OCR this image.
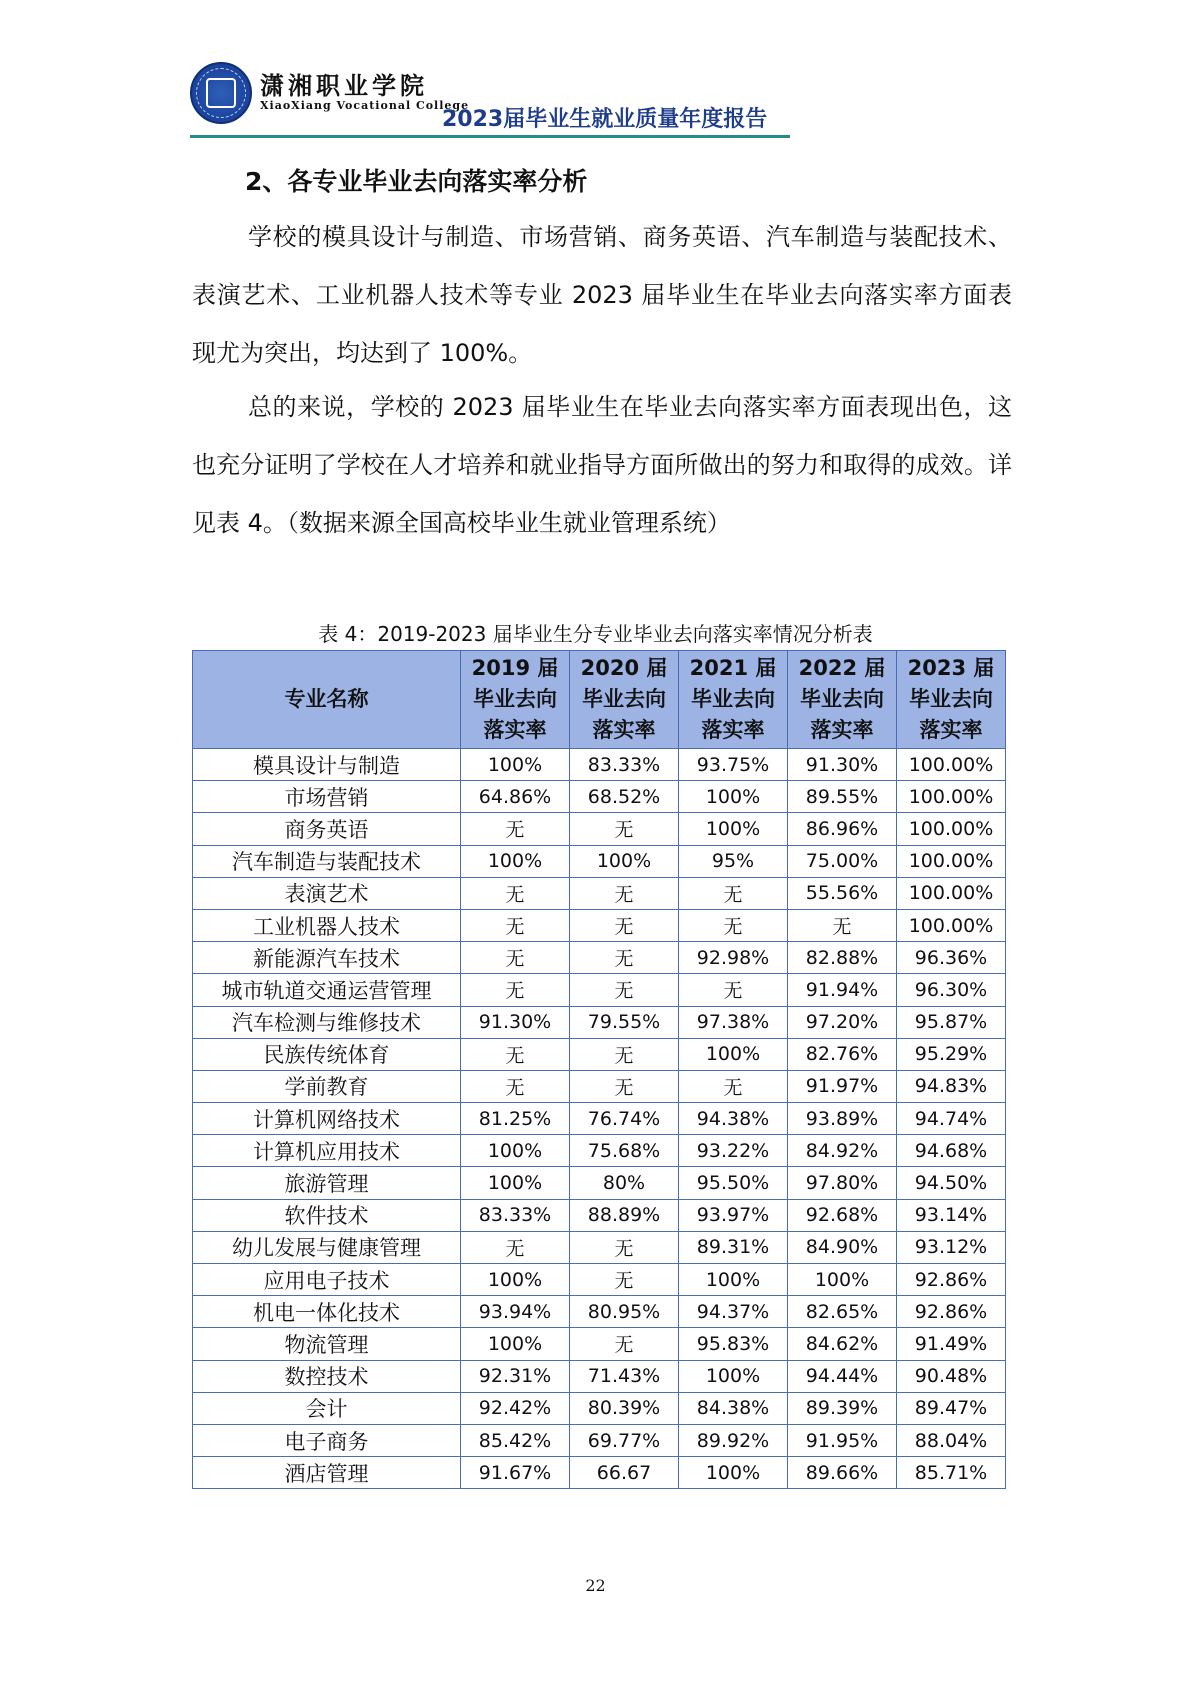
潇湘职业学院
XiaoXiang Vocational College
2023届毕业生就业质量年度报告
2、各专业毕业去向落实率分析

学校的模具设计与制造、市场营销、商务英语、汽车制造与装配技术、表演艺术、工业机器人技术等专业 2023 届毕业生在毕业去向落实率方面表现尤为突出，均达到了 100%。

总的来说，学校的 2023 届毕业生在毕业去向落实率方面表现出色，这也充分证明了学校在人才培养和就业指导方面所做出的努力和取得的成效。详见表 4。（数据来源全国高校毕业生就业管理系统）

表 4：2019-2023 届毕业生分专业毕业去向落实率情况分析表
专业名称	2019 届毕业去向落实率	2020 届毕业去向落实率	2021 届毕业去向落实率	2022 届毕业去向落实率	2023 届毕业去向落实率
模具设计与制造	100%	83.33%	93.75%	91.30%	100.00%
市场营销	64.86%	68.52%	100%	89.55%	100.00%
商务英语	无	无	100%	86.96%	100.00%
汽车制造与装配技术	100%	100%	95%	75.00%	100.00%
表演艺术	无	无	无	55.56%	100.00%
工业机器人技术	无	无	无	无	100.00%
新能源汽车技术	无	无	92.98%	82.88%	96.36%
城市轨道交通运营管理	无	无	无	91.94%	96.30%
汽车检测与维修技术	91.30%	79.55%	97.38%	97.20%	95.87%
民族传统体育	无	无	100%	82.76%	95.29%
学前教育	无	无	无	91.97%	94.83%
计算机网络技术	81.25%	76.74%	94.38%	93.89%	94.74%
计算机应用技术	100%	75.68%	93.22%	84.92%	94.68%
旅游管理	100%	80%	95.50%	97.80%	94.50%
软件技术	83.33%	88.89%	93.97%	92.68%	93.14%
幼儿发展与健康管理	无	无	89.31%	84.90%	93.12%
应用电子技术	100%	无	100%	100%	92.86%
机电一体化技术	93.94%	80.95%	94.37%	82.65%	92.86%
物流管理	100%	无	95.83%	84.62%	91.49%
数控技术	92.31%	71.43%	100%	94.44%	90.48%
会计	92.42%	80.39%	84.38%	89.39%	89.47%
电子商务	85.42%	69.77%	89.92%	91.95%	88.04%
酒店管理	91.67%	66.67	100%	89.66%	85.71%
22
